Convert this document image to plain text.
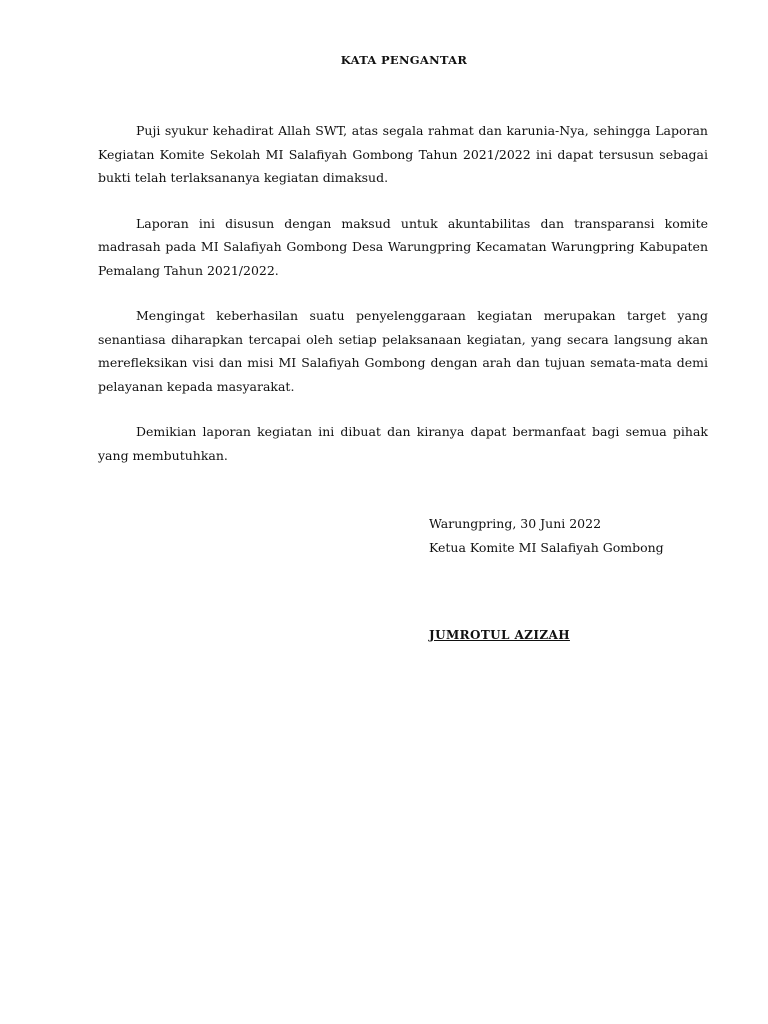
KATA PENGANTAR

Puji syukur kehadirat Allah SWT, atas segala rahmat dan karunia-Nya, sehingga Laporan Kegiatan Komite Sekolah MI Salafiyah Gombong Tahun 2021/2022 ini dapat tersusun sebagai bukti telah terlaksananya kegiatan dimaksud.

Laporan ini disusun dengan maksud untuk akuntabilitas dan transparansi komite madrasah pada MI Salafiyah Gombong Desa Warungpring Kecamatan Warungpring Kabupaten Pemalang Tahun 2021/2022.

Mengingat keberhasilan suatu penyelenggaraan kegiatan merupakan target yang senantiasa diharapkan tercapai oleh setiap pelaksanaan kegiatan, yang secara langsung akan merefleksikan visi dan misi MI Salafiyah Gombong dengan arah dan tujuan semata-mata demi pelayanan kepada masyarakat.

Demikian laporan kegiatan ini dibuat dan kiranya dapat bermanfaat bagi semua pihak yang membutuhkan.

Warungpring, 30 Juni 2022
Ketua Komite MI Salafiyah Gombong
JUMROTUL AZIZAH
